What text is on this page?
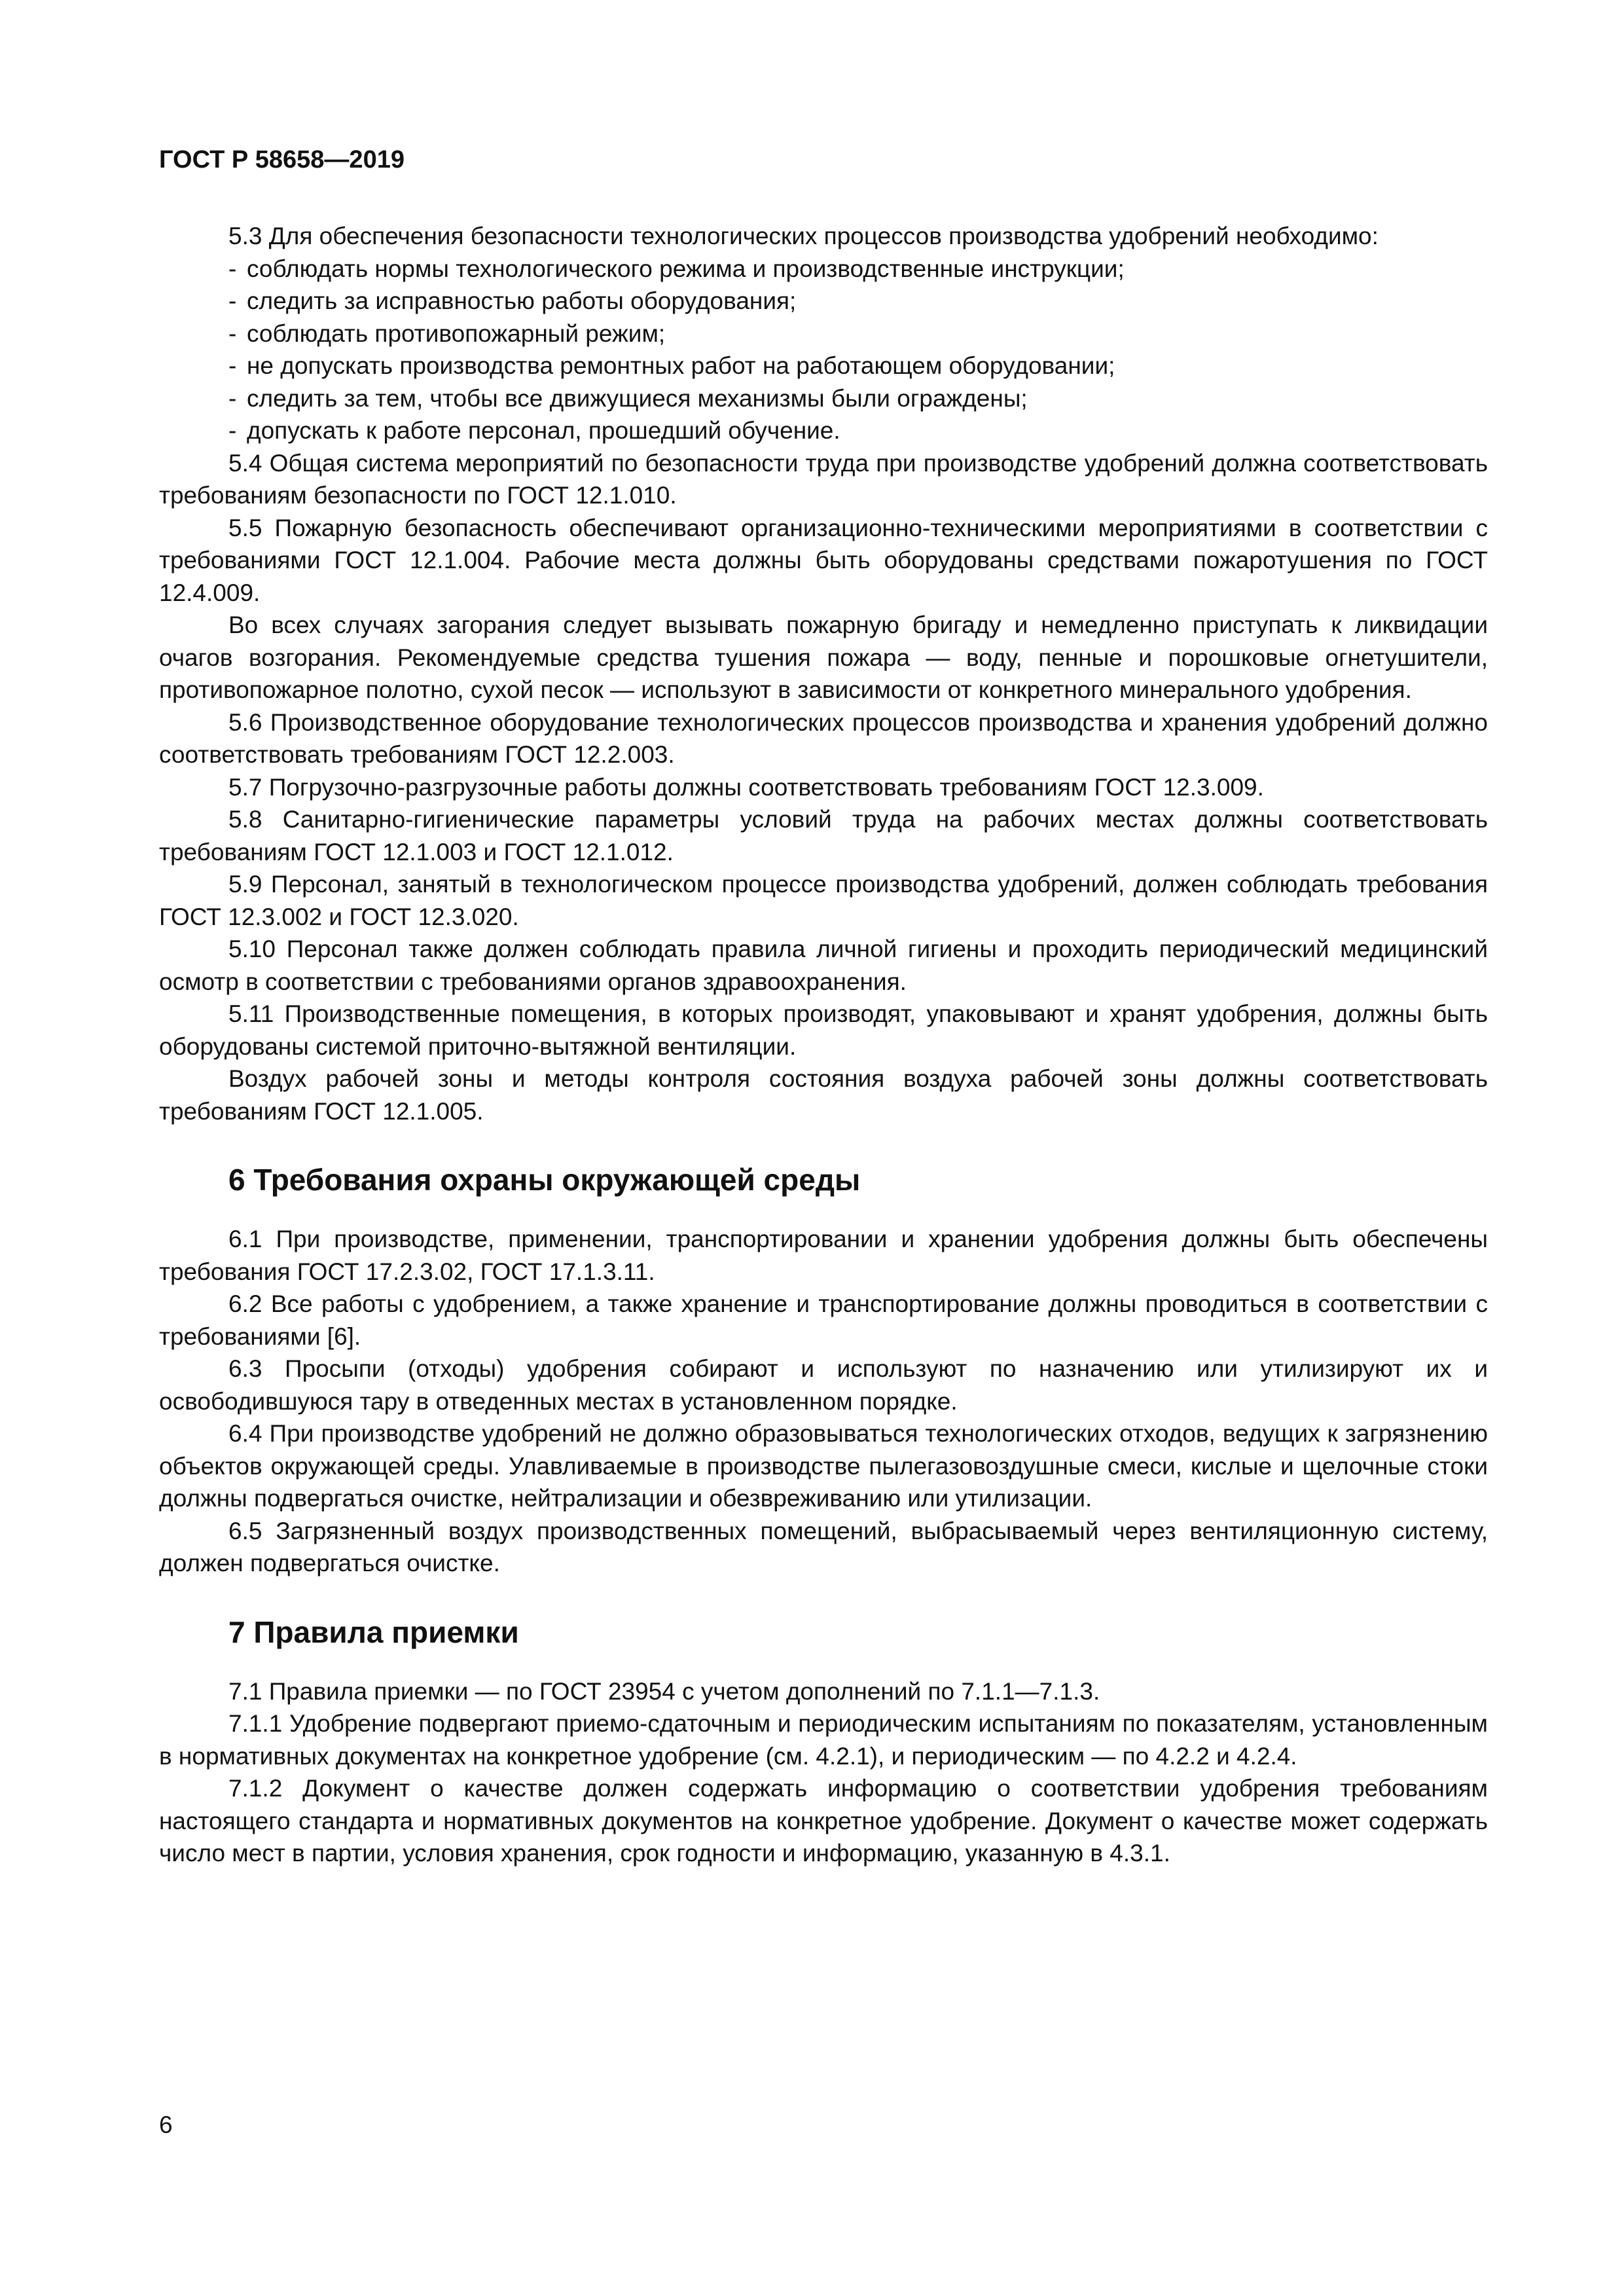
ГОСТ Р 58658—2019

5.3 Для обеспечения безопасности технологических процессов производства удобрений необходимо:

- соблюдать нормы технологического режима и производственные инструкции;

- следить за исправностью работы оборудования;

- соблюдать противопожарный режим;

- не допускать производства ремонтных работ на работающем оборудовании;

- следить за тем, чтобы все движущиеся механизмы были ограждены;

- допускать к работе персонал, прошедший обучение.

5.4 Общая система мероприятий по безопасности труда при производстве удобрений должна соответствовать требованиям безопасности по ГОСТ 12.1.010.

5.5 Пожарную безопасность обеспечивают организационно-техническими мероприятиями в соответствии с требованиями ГОСТ 12.1.004. Рабочие места должны быть оборудованы средствами пожаротушения по ГОСТ 12.4.009.

Во всех случаях загорания следует вызывать пожарную бригаду и немедленно приступать к ликвидации очагов возгорания. Рекомендуемые средства тушения пожара — воду, пенные и порошковые огнетушители, противопожарное полотно, сухой песок — используют в зависимости от конкретного минерального удобрения.

5.6 Производственное оборудование технологических процессов производства и хранения удобрений должно соответствовать требованиям ГОСТ 12.2.003.

5.7 Погрузочно-разгрузочные работы должны соответствовать требованиям ГОСТ 12.3.009.

5.8 Санитарно-гигиенические параметры условий труда на рабочих местах должны соответствовать требованиям ГОСТ 12.1.003 и ГОСТ 12.1.012.

5.9 Персонал, занятый в технологическом процессе производства удобрений, должен соблюдать требования ГОСТ 12.3.002 и ГОСТ 12.3.020.

5.10 Персонал также должен соблюдать правила личной гигиены и проходить периодический медицинский осмотр в соответствии с требованиями органов здравоохранения.

5.11 Производственные помещения, в которых производят, упаковывают и хранят удобрения, должны быть оборудованы системой приточно-вытяжной вентиляции.

Воздух рабочей зоны и методы контроля состояния воздуха рабочей зоны должны соответствовать требованиям ГОСТ 12.1.005.

6 Требования охраны окружающей среды

6.1 При производстве, применении, транспортировании и хранении удобрения должны быть обеспечены требования ГОСТ 17.2.3.02, ГОСТ 17.1.3.11.

6.2 Все работы с удобрением, а также хранение и транспортирование должны проводиться в соответствии с требованиями [6].

6.3 Просыпи (отходы) удобрения собирают и используют по назначению или утилизируют их и освободившуюся тару в отведенных местах в установленном порядке.

6.4 При производстве удобрений не должно образовываться технологических отходов, ведущих к загрязнению объектов окружающей среды. Улавливаемые в производстве пылегазовоздушные смеси, кислые и щелочные стоки должны подвергаться очистке, нейтрализации и обезвреживанию или утилизации.

6.5 Загрязненный воздух производственных помещений, выбрасываемый через вентиляционную систему, должен подвергаться очистке.

7 Правила приемки

7.1 Правила приемки — по ГОСТ 23954 с учетом дополнений по 7.1.1—7.1.3.

7.1.1 Удобрение подвергают приемо-сдаточным и периодическим испытаниям по показателям, установленным в нормативных документах на конкретное удобрение (см. 4.2.1), и периодическим — по 4.2.2 и 4.2.4.

7.1.2 Документ о качестве должен содержать информацию о соответствии удобрения требованиям настоящего стандарта и нормативных документов на конкретное удобрение. Документ о качестве может содержать число мест в партии, условия хранения, срок годности и информацию, указанную в 4.3.1.

6
